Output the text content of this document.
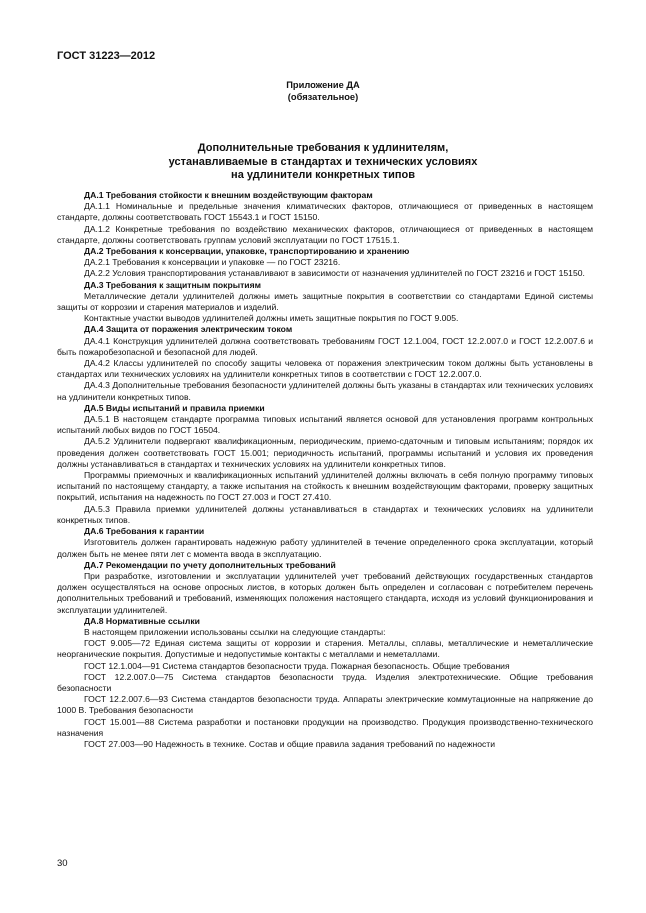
ГОСТ 31223—2012
Приложение ДА
(обязательное)
Дополнительные требования к удлинителям,
устанавливаемые в стандартах и технических условиях
на удлинители конкретных типов

ДА.1 Требования стойкости к внешним воздействующим факторам

ДА.1.1 Номинальные и предельные значения климатических факторов, отличающиеся от приведенных в настоящем стандарте, должны соответствовать ГОСТ 15543.1 и ГОСТ 15150.

ДА.1.2 Конкретные требования по воздействию механических факторов, отличающиеся от приведенных в настоящем стандарте, должны соответствовать группам условий эксплуатации по ГОСТ 17515.1.

ДА.2 Требования к консервации, упаковке, транспортированию и хранению

ДА.2.1 Требования к консервации и упаковке — по ГОСТ 23216.

ДА.2.2 Условия транспортирования устанавливают в зависимости от назначения удлинителей по ГОСТ 23216 и ГОСТ 15150.

ДА.3 Требования к защитным покрытиям

Металлические детали удлинителей должны иметь защитные покрытия в соответствии со стандартами Единой системы защиты от коррозии и старения материалов и изделий.

Контактные участки выводов удлинителей должны иметь защитные покрытия по ГОСТ 9.005.

ДА.4 Защита от поражения электрическим током

ДА.4.1 Конструкция удлинителей должна соответствовать требованиям ГОСТ 12.1.004, ГОСТ 12.2.007.0 и ГОСТ 12.2.007.6 и быть пожаробезопасной и безопасной для людей.

ДА.4.2 Классы удлинителей по способу защиты человека от поражения электрическим током должны быть установлены в стандартах или технических условиях на удлинители конкретных типов в соответствии с ГОСТ 12.2.007.0.

ДА.4.3 Дополнительные требования безопасности удлинителей должны быть указаны в стандартах или технических условиях на удлинители конкретных типов.

ДА.5 Виды испытаний и правила приемки

ДА.5.1 В настоящем стандарте программа типовых испытаний является основой для установления программ контрольных испытаний любых видов по ГОСТ 16504.

ДА.5.2 Удлинители подвергают квалификационным, периодическим, приемо-сдаточным и типовым испытаниям; порядок их проведения должен соответствовать ГОСТ 15.001; периодичность испытаний, программы испытаний и условия их проведения должны устанавливаться в стандартах и технических условиях на удлинители конкретных типов.

Программы приемочных и квалификационных испытаний удлинителей должны включать в себя полную программу типовых испытаний по настоящему стандарту, а также испытания на стойкость к внешним воздействующим факторами, проверку защитных покрытий, испытания на надежность по ГОСТ 27.003 и ГОСТ 27.410.

ДА.5.3 Правила приемки удлинителей должны устанавливаться в стандартах и технических условиях на удлинители конкретных типов.

ДА.6 Требования к гарантии

Изготовитель должен гарантировать надежную работу удлинителей в течение определенного срока эксплуатации, который должен быть не менее пяти лет с момента ввода в эксплуатацию.

ДА.7 Рекомендации по учету дополнительных требований

При разработке, изготовлении и эксплуатации удлинителей учет требований действующих государственных стандартов должен осуществляться на основе опросных листов, в которых должен быть определен и согласован с потребителем перечень дополнительных требований и требований, изменяющих положения настоящего стандарта, исходя из условий функционирования и эксплуатации удлинителей.

ДА.8 Нормативные ссылки

В настоящем приложении использованы ссылки на следующие стандарты:

ГОСТ 9.005—72 Единая система защиты от коррозии и старения. Металлы, сплавы, металлические и неметаллические неорганические покрытия. Допустимые и недопустимые контакты с металлами и неметаллами.

ГОСТ 12.1.004—91 Система стандартов безопасности труда. Пожарная безопасность. Общие требования

ГОСТ 12.2.007.0—75 Система стандартов безопасности труда. Изделия электротехнические. Общие требования безопасности

ГОСТ 12.2.007.6—93 Система стандартов безопасности труда. Аппараты электрические коммутационные на напряжение до 1000 В. Требования безопасности

ГОСТ 15.001—88 Система разработки и постановки продукции на производство. Продукция производственно-технического назначения

ГОСТ 27.003—90 Надежность в технике. Состав и общие правила задания требований по надежности

30
